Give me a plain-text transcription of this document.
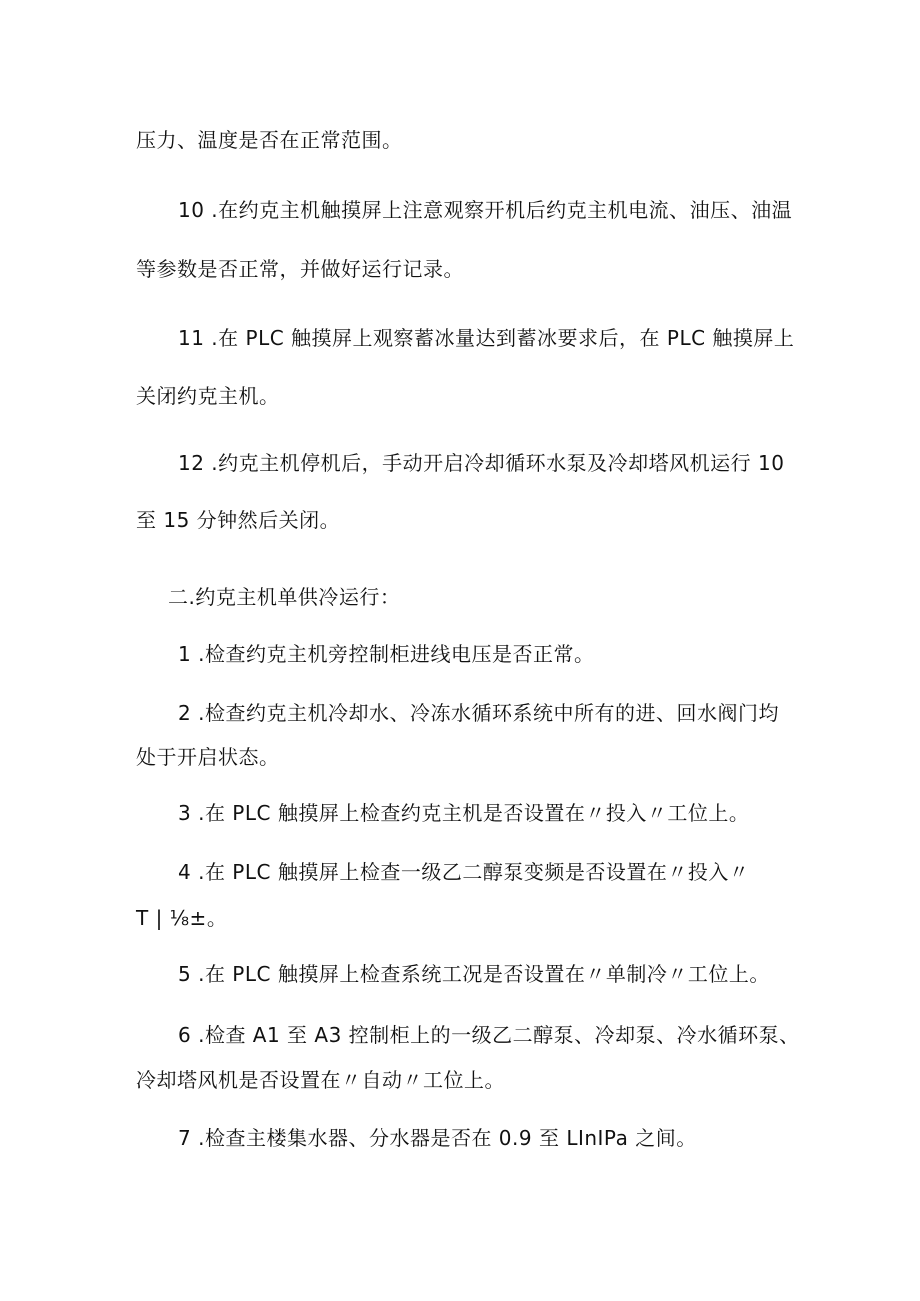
压力、温度是否在正常范围。
10 .在约克主机触摸屏上注意观察开机后约克主机电流、油压、油温
等参数是否正常，并做好运行记录。
11 .在 PLC 触摸屏上观察蓄冰量达到蓄冰要求后，在 PLC 触摸屏上
关闭约克主机。
12 .约克主机停机后，手动开启冷却循环水泵及冷却塔风机运行 10
至 15 分钟然后关闭。
二.约克主机单供冷运行：
1 .检查约克主机旁控制柜进线电压是否正常。
2 .检查约克主机冷却水、冷冻水循环系统中所有的进、回水阀门均
处于开启状态。
3 .在 PLC 触摸屏上检查约克主机是否设置在〃投入〃工位上。
4 .在 PLC 触摸屏上检查一级乙二醇泵变频是否设置在〃投入〃
T | ⅛±。
5 .在 PLC 触摸屏上检查系统工况是否设置在〃单制冷〃工位上。
6 .检查 A1 至 A3 控制柜上的一级乙二醇泵、冷却泵、冷水循环泵、
冷却塔风机是否设置在〃自动〃工位上。
7 .检查主楼集水器、分水器是否在 0.9 至 LInIPa 之间。
